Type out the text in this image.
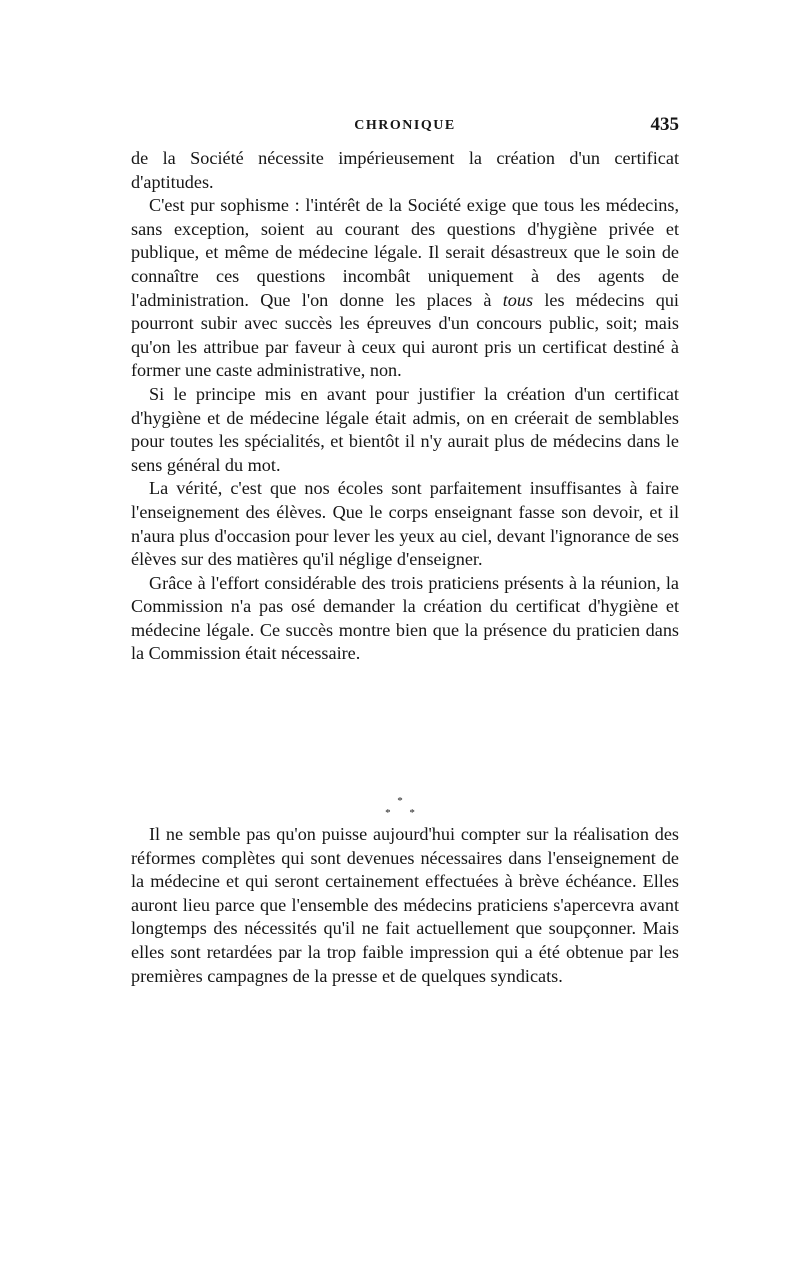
CHRONIQUE	435

de la Société nécessite impérieusement la création d'un certificat d'aptitudes.

C'est pur sophisme : l'intérêt de la Société exige que tous les médecins, sans exception, soient au courant des questions d'hygiène privée et publique, et même de médecine légale. Il serait désastreux que le soin de connaître ces questions incombât uniquement à des agents de l'administration. Que l'on donne les places à tous les médecins qui pourront subir avec succès les épreuves d'un concours public, soit; mais qu'on les attribue par faveur à ceux qui auront pris un certificat destiné à former une caste administrative, non.

Si le principe mis en avant pour justifier la création d'un certificat d'hygiène et de médecine légale était admis, on en créerait de semblables pour toutes les spécialités, et bientôt il n'y aurait plus de médecins dans le sens général du mot.

La vérité, c'est que nos écoles sont parfaitement insuffisantes à faire l'enseignement des élèves. Que le corps enseignant fasse son devoir, et il n'aura plus d'occasion pour lever les yeux au ciel, devant l'ignorance de ses élèves sur des matières qu'il néglige d'enseigner.

Grâce à l'effort considérable des trois praticiens présents à la réunion, la Commission n'a pas osé demander la création du certificat d'hygiène et médecine légale. Ce succès montre bien que la présence du praticien dans la Commission était nécessaire.

*
* *

Il ne semble pas qu'on puisse aujourd'hui compter sur la réalisation des réformes complètes qui sont devenues nécessaires dans l'enseignement de la médecine et qui seront certainement effectuées à brève échéance. Elles auront lieu parce que l'ensemble des médecins praticiens s'apercevra avant longtemps des nécessités qu'il ne fait actuellement que soupçonner. Mais elles sont retardées par la trop faible impression qui a été obtenue par les premières campagnes de la presse et de quelques syndicats.
